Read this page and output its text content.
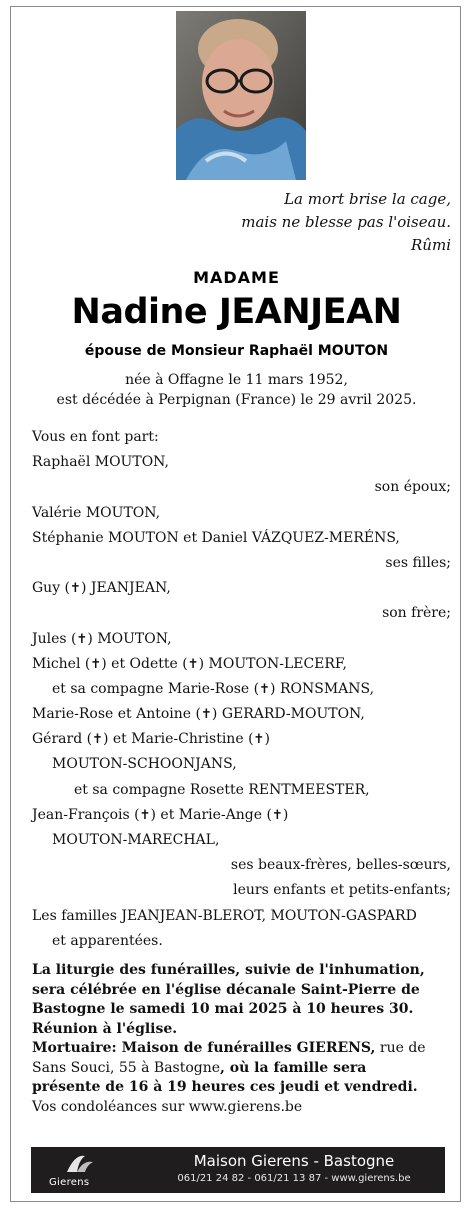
La mort brise la cage,
mais ne blesse pas l'oiseau.
Rûmi
MADAME
Nadine JEANJEAN
épouse de Monsieur Raphaël MOUTON
née à Offagne le 11 mars 1952,
est décédée à Perpignan (France) le 29 avril 2025.
Vous en font part:
Raphaël MOUTON,
son époux;
Valérie MOUTON,
Stéphanie MOUTON et Daniel VÁZQUEZ-MERÉNS,
ses filles;
Guy (✝) JEANJEAN,
son frère;
Jules (✝) MOUTON,
Michel (✝) et Odette (✝) MOUTON-LECERF,
et sa compagne Marie-Rose (✝) RONSMANS,
Marie-Rose et Antoine (✝) GERARD-MOUTON,
Gérard (✝) et Marie-Christine (✝)
MOUTON-SCHOONJANS,
et sa compagne Rosette RENTMEESTER,
Jean-François (✝) et Marie-Ange (✝)
MOUTON-MARECHAL,
ses beaux-frères, belles-sœurs,
leurs enfants et petits-enfants;
Les familles JEANJEAN-BLEROT, MOUTON-GASPARD
et apparentées.
La liturgie des funérailles, suivie de l'inhumation,
sera célébrée en l'église décanale Saint-Pierre de
Bastogne le samedi 10 mai 2025 à 10 heures 30.
Réunion à l'église.
Mortuaire: Maison de funérailles GIERENS, rue de
Sans Souci, 55 à Bastogne, où la famille sera
présente de 16 à 19 heures ces jeudi et vendredi.
Vos condoléances sur www.gierens.be
Gierens
Maison Gierens - Bastogne
061/21 24 82 - 061/21 13 87 - www.gierens.be
